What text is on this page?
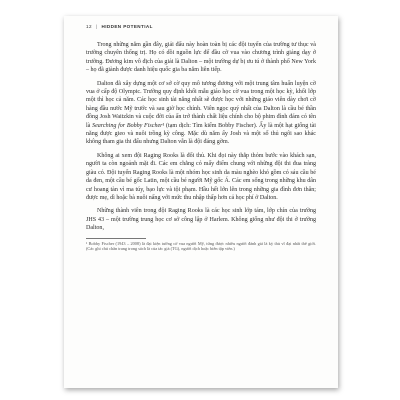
12 | HIDDEN POTENTIAL

Trong những năm gần đây, giải đấu này hoàn toàn bị các đội tuyển của trường tư thục và trường chuyên thống trị. Họ có dồi nguồn lực để đầu cờ vua vào chương trình giảng dạy ở trường. Đương kim vô địch của giải là Dalton – một trường dự bị ưu tú ở thành phố New York – họ đã giành được danh hiệu quốc gia ba năm liên tiếp.

Dalton đã xây dựng một cơ sở cờ quy mô tương đương với một trung tâm huấn luyện cờ vua ở cấp độ Olympic. Trường quy định khối mẫu giáo học cờ vua trong một học kỳ, khối lớp một thì học cả năm. Các học sinh tài năng nhất sẽ được học với những giáo viên dày chơi cờ hàng đầu nước Mỹ trước và sau giờ học chính. Viên ngọc quý nhất của Dalton là cầu bé thần đồng Josh Waitzkin và cuộc đời của ấn trở thành chất liệu chính cho bộ phim đình đám có tên là Searching for Bobby Fischer¹ (tạm dịch: Tìm kiếm Bobby Fischer). Ấy là một hạt giống tài năng được gieo và nuôi trồng kỳ công. Mặc dù năm ấy Josh và một số thủ ngôi sao khác không tham gia thi đấu nhưng Dalton vẫn là đội đáng gờm.

Không ai xem đội Raging Rooks là đối thủ. Khi đọi này thắp thỏm bước vào khách sạn, người ta còn ngoảnh mặt đi. Các em chẳng có mấy điểm chung với những đội thi đua tràng giàu có. Đội tuyển Raging Rooks là một nhóm học sinh da màu nghèo khó gồm có sáu cầu bé da đen, một cầu bé gốc Latin, một cầu bé người Mỹ gốc Á. Các em sống trong những khu dân cư hoang tàn vì ma túy, bạo lực và tội phạm. Hầu hết lớn lên trong những gia đình đơn thân; được mẹ, dì hoặc bà nuôi nấng với mức thu nhập thấp hơn cả học phí ở Dalton.

Những thành viên trong đội Raging Rooks là các học sinh lớp tám, lớp chín của trường JHS 43 – một trường trung học cơ sở công lập ở Harlem. Không giống như đội thi ở trường Dalton,

¹ Bobby Fischer (1943 – 2008) là đại kiện tướng cờ vua người Mỹ, từng được nhiều người đánh giá là kỳ thủ vĩ đại nhất thế giới. (Các ghi chú chân trang trong sách là của tác giả (TG), người dịch hoặc biên tập viên.)
